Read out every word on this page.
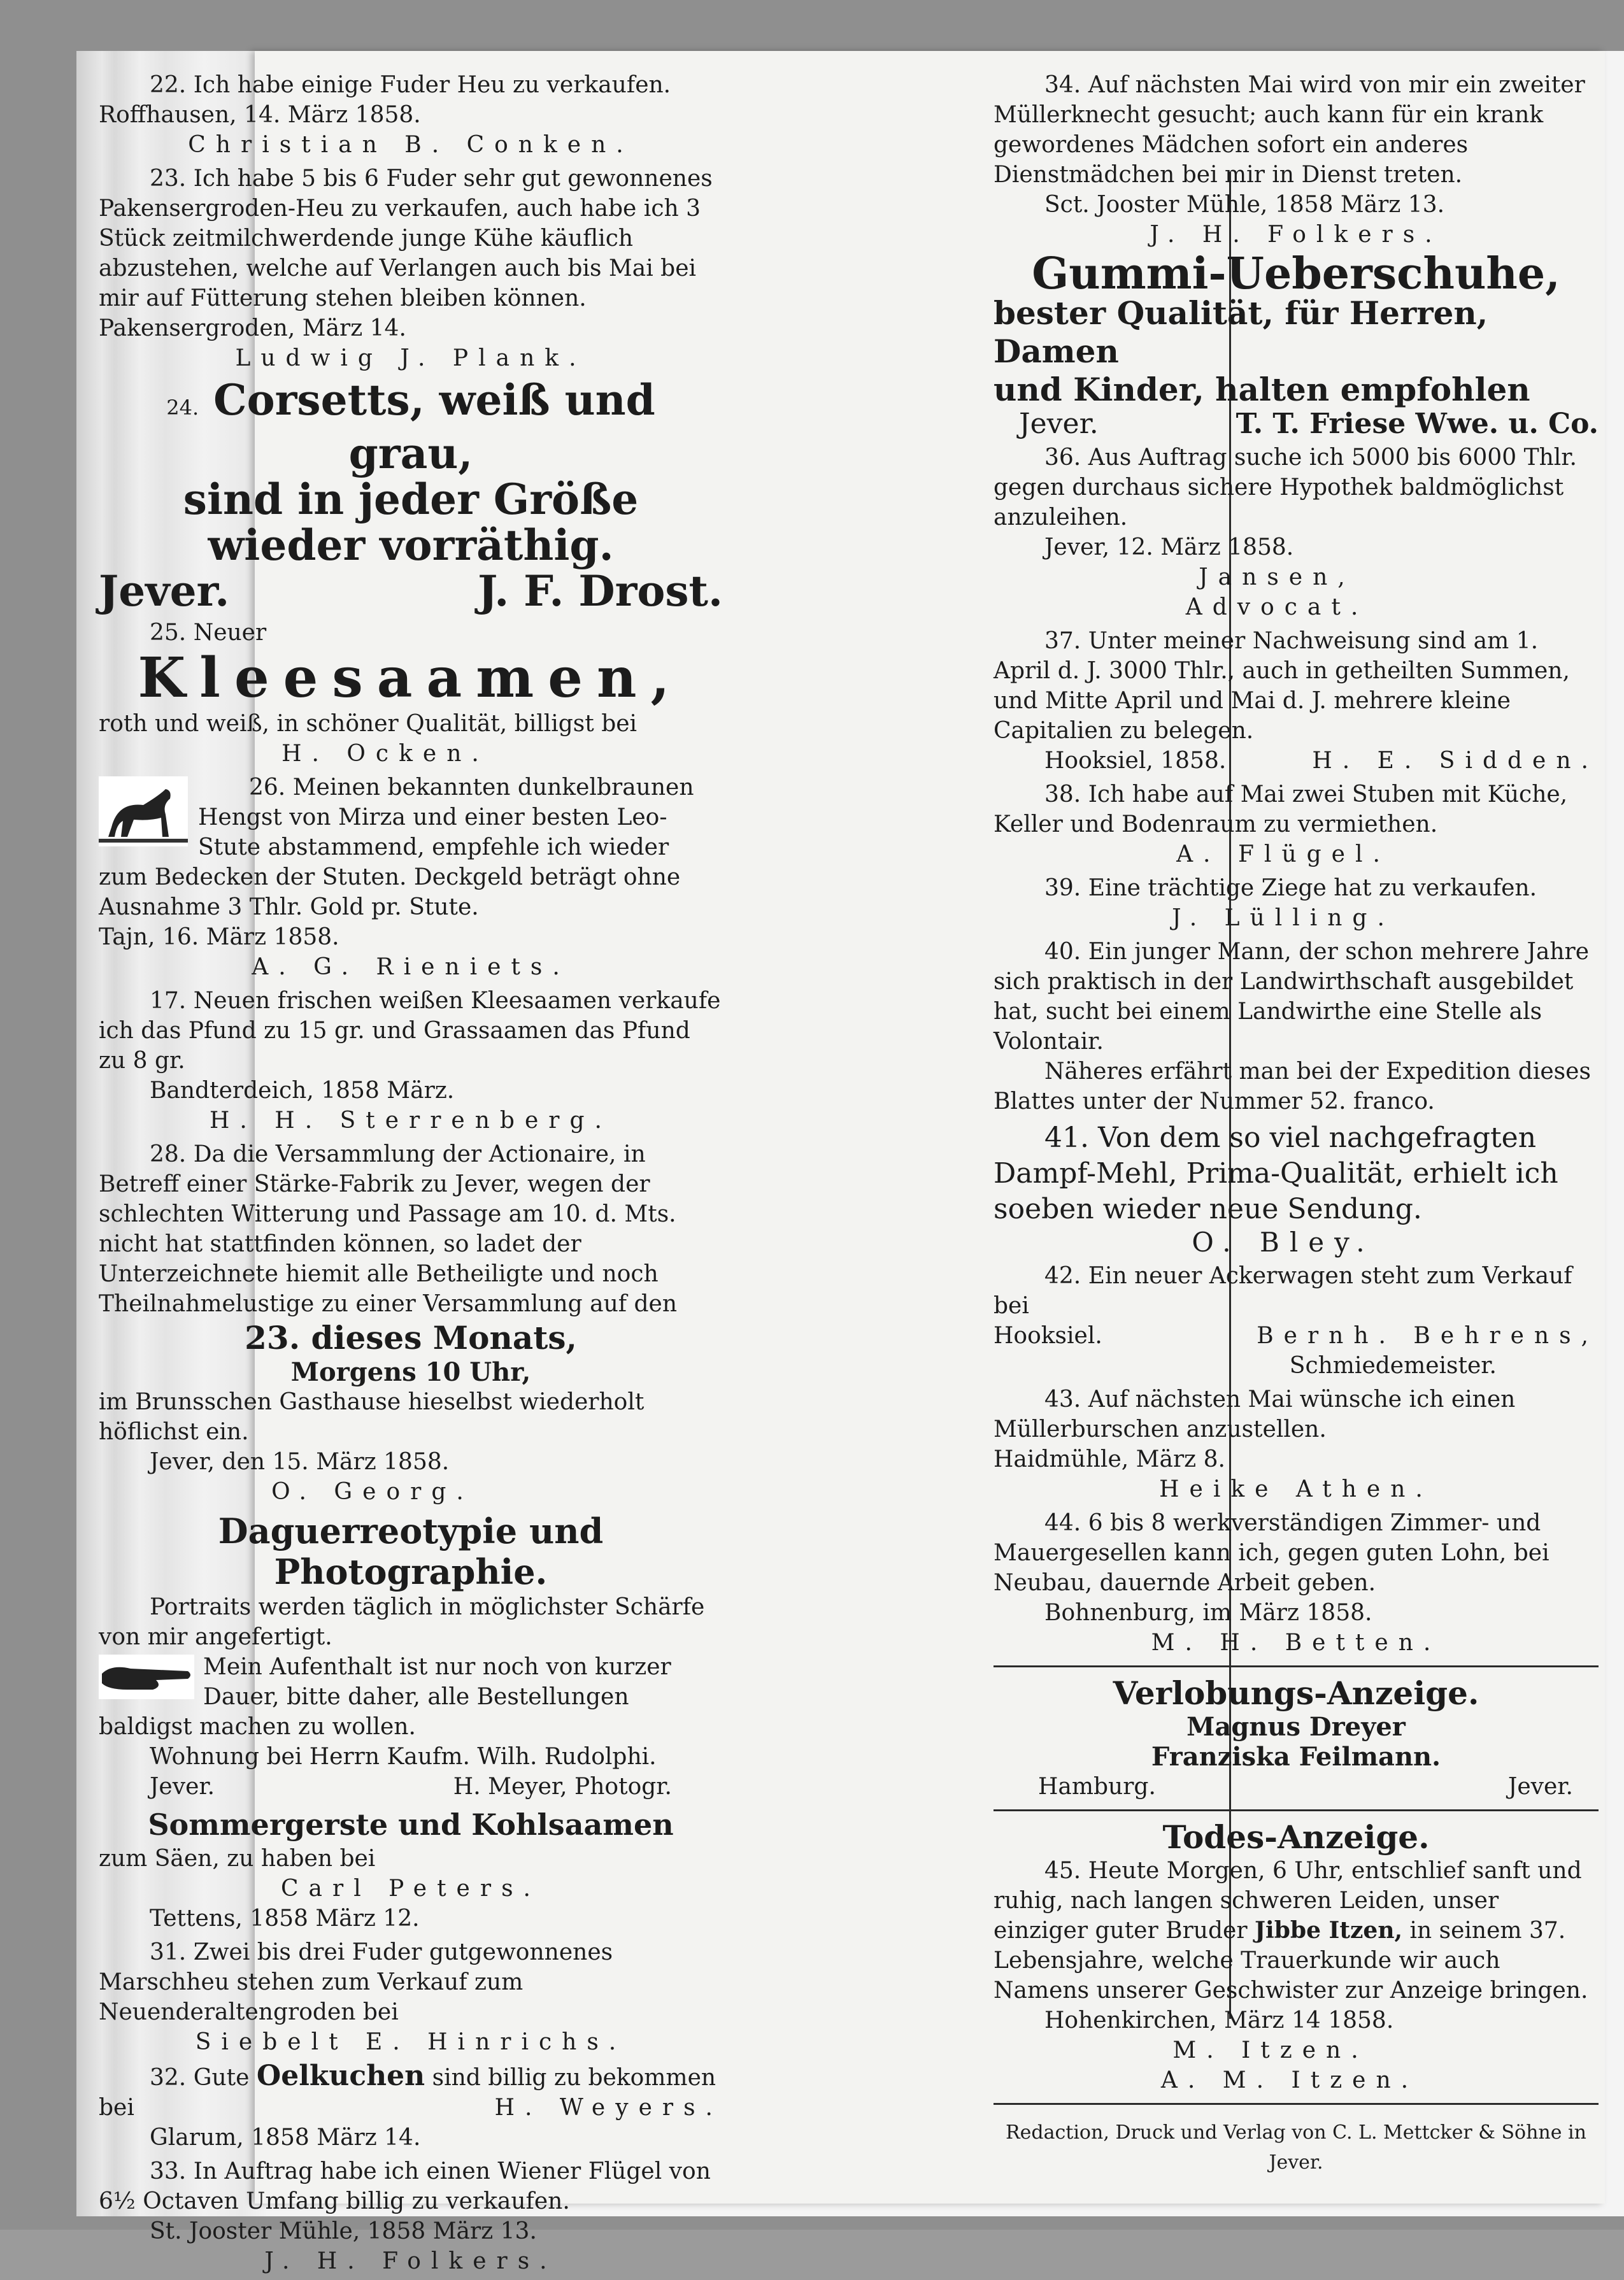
22. Ich habe einige Fuder Heu zu verkaufen.
Roffhausen, 14. März 1858.
Christian B. Conken.
23. Ich habe 5 bis 6 Fuder sehr gut gewonnenes Pakensergroden-Heu zu verkaufen, auch habe ich 3 Stück zeitmilchwerdende junge Kühe käuflich abzustehen, welche auf Verlangen auch bis Mai bei mir auf Fütterung stehen bleiben können.
Pakensergroden, März 14.
Ludwig J. Plank.
24. Corsetts, weiß und grau,
sind in jeder Größe wieder vorräthig.
Jever.	J. F. Drost.
25. Neuer
Kleesaamen,
roth und weiß, in schöner Qualität, billigst bei
H. Ocken.
26. Meinen bekannten dunkelbraunen Hengst von Mirza und einer besten Leo-Stute abstammend, empfehle ich wieder zum Bedecken der Stuten. Deckgeld beträgt ohne Ausnahme 3 Thlr. Gold pr. Stute.
Tajn, 16. März 1858.
A. G. Rieniets.
17. Neuen frischen weißen Kleesaamen verkaufe ich das Pfund zu 15 gr. und Grassaamen das Pfund zu 8 gr.
Bandterdeich, 1858 März.
H. H. Sterrenberg.
28. Da die Versammlung der Actionaire, in Betreff einer Stärke-Fabrik zu Jever, wegen der schlechten Witterung und Passage am 10. d. Mts. nicht hat stattfinden können, so ladet der Unterzeichnete hiemit alle Betheiligte und noch Theilnahmelustige zu einer Versammlung auf den
23. dieses Monats,
Morgens 10 Uhr,
im Brunsschen Gasthause hieselbst wiederholt höflichst ein.
Jever, den 15. März 1858.
O. Georg.
Daguerreotypie und Photographie.
Portraits werden täglich in möglichster Schärfe von mir angefertigt.
Mein Aufenthalt ist nur noch von kurzer Dauer, bitte daher, alle Bestellungen baldigst machen zu wollen.
Wohnung bei Herrn Kaufm. Wilh. Rudolphi.
Jever.	H. Meyer, Photogr.
Sommergerste und Kohlsaamen
zum Säen, zu haben bei
Carl Peters.
Tettens, 1858 März 12.
31. Zwei bis drei Fuder gutgewonnenes Marschheu stehen zum Verkauf zum Neuenderaltengroden bei
Siebelt E. Hinrichs.
32. Gute Oelkuchen sind billig zu bekommen
bei	H. Weyers.
Glarum, 1858 März 14.
33. In Auftrag habe ich einen Wiener Flügel von 6½ Octaven Umfang billig zu verkaufen.
St. Jooster Mühle, 1858 März 13.
J. H. Folkers.
34. Auf nächsten Mai wird von mir ein zweiter Müllerknecht gesucht; auch kann für ein krank gewordenes Mädchen sofort ein anderes Dienstmädchen bei mir in Dienst treten.
Sct. Jooster Mühle, 1858 März 13.
J. H. Folkers.
Gummi-Ueberschuhe,
bester Qualität, für Herren, Damen
und Kinder, halten empfohlen
Jever.	T. T. Friese Wwe. u. Co.
36. Aus Auftrag suche ich 5000 bis 6000 Thlr. gegen durchaus sichere Hypothek baldmöglichst anzuleihen.
Jever, 12. März 1858.
Jansen,
Advocat.
37. Unter meiner Nachweisung sind am 1. April d. J. 3000 Thlr., auch in getheilten Summen, und Mitte April und Mai d. J. mehrere kleine Capitalien zu belegen.
Hooksiel, 1858.	H. E. Sidden.
38. Ich habe auf Mai zwei Stuben mit Küche, Keller und Bodenraum zu vermiethen.
A. Flügel.
39. Eine trächtige Ziege hat zu verkaufen.
J. Lülling.
40. Ein junger Mann, der schon mehrere Jahre sich praktisch in der Landwirthschaft ausgebildet hat, sucht bei einem Landwirthe eine Stelle als Volontair.
Näheres erfährt man bei der Expedition dieses Blattes unter der Nummer 52. franco.
41. Von dem so viel nachgefragten Dampf-Mehl, Prima-Qualität, erhielt ich soeben wieder neue Sendung.
O. Bley.
42. Ein neuer Ackerwagen steht zum Verkauf bei
Hooksiel.	Bernh. Behrens,
Schmiedemeister.
43. Auf nächsten Mai wünsche ich einen Müllerburschen anzustellen.
Haidmühle, März 8.
Heike Athen.
44. 6 bis 8 werkverständigen Zimmer- und Mauergesellen kann ich, gegen guten Lohn, bei Neubau, dauernde Arbeit geben.
Bohnenburg, im März 1858.
M. H. Betten.
Verlobungs-Anzeige.
Magnus Dreyer
Franziska Feilmann.
Hamburg.	Jever.
Todes-Anzeige.
45. Heute Morgen, 6 Uhr, entschlief sanft und ruhig, nach langen schweren Leiden, unser einziger guter Bruder Jibbe Itzen, in seinem 37. Lebensjahre, welche Trauerkunde wir auch Namens unserer Geschwister zur Anzeige bringen.
Hohenkirchen, März 14 1858.
M. Itzen.
A. M. Itzen.
Redaction, Druck und Verlag von C. L. Mettcker & Söhne in Jever.
